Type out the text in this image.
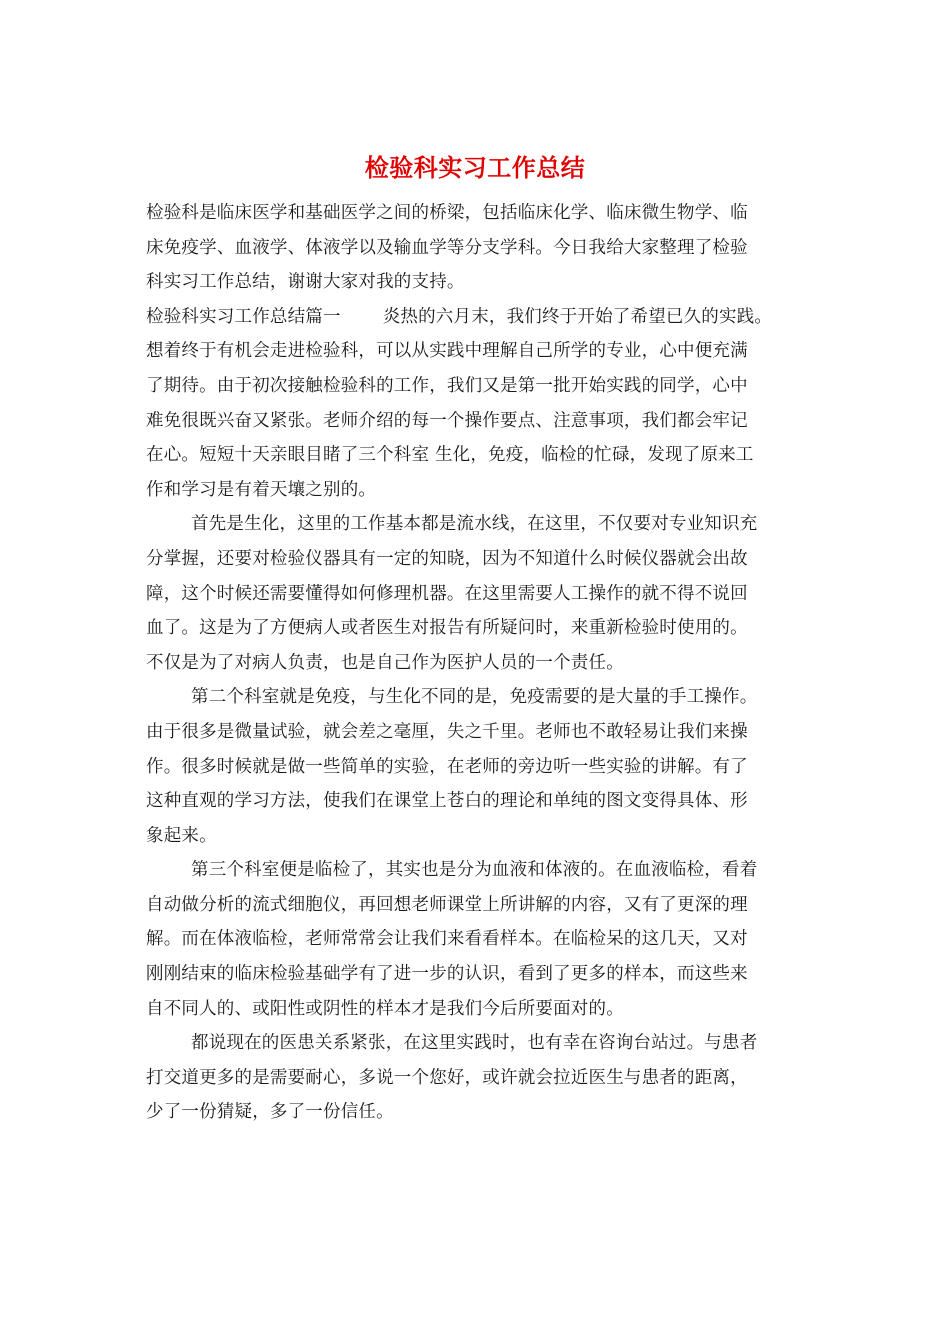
检验科实习工作总结
检验科是临床医学和基础医学之间的桥梁，包括临床化学、临床微生物学、临
床免疫学、血液学、体液学以及输血学等分支学科。今日我给大家整理了检验
科实习工作总结，谢谢大家对我的支持。
检验科实习工作总结篇一 炎热的六月末，我们终于开始了希望已久的实践。
想着终于有机会走进检验科，可以从实践中理解自己所学的专业，心中便充满
了期待。由于初次接触检验科的工作，我们又是第一批开始实践的同学，心中
难免很既兴奋又紧张。老师介绍的每一个操作要点、注意事项，我们都会牢记
在心。短短十天亲眼目睹了三个科室 生化，免疫，临检的忙碌，发现了原来工
作和学习是有着天壤之别的。
首先是生化，这里的工作基本都是流水线，在这里，不仅要对专业知识充
分掌握，还要对检验仪器具有一定的知晓，因为不知道什么时候仪器就会出故
障，这个时候还需要懂得如何修理机器。在这里需要人工操作的就不得不说回
血了。这是为了方便病人或者医生对报告有所疑问时，来重新检验时使用的。
不仅是为了对病人负责，也是自己作为医护人员的一个责任。
第二个科室就是免疫，与生化不同的是，免疫需要的是大量的手工操作。
由于很多是微量试验，就会差之毫厘，失之千里。老师也不敢轻易让我们来操
作。很多时候就是做一些简单的实验，在老师的旁边听一些实验的讲解。有了
这种直观的学习方法，使我们在课堂上苍白的理论和单纯的图文变得具体、形
象起来。
第三个科室便是临检了，其实也是分为血液和体液的。在血液临检，看着
自动做分析的流式细胞仪，再回想老师课堂上所讲解的内容，又有了更深的理
解。而在体液临检，老师常常会让我们来看看样本。在临检呆的这几天，又对
刚刚结束的临床检验基础学有了进一步的认识，看到了更多的样本，而这些来
自不同人的、或阳性或阴性的样本才是我们今后所要面对的。
都说现在的医患关系紧张，在这里实践时，也有幸在咨询台站过。与患者
打交道更多的是需要耐心，多说一个您好，或许就会拉近医生与患者的距离，
少了一份猜疑，多了一份信任。
